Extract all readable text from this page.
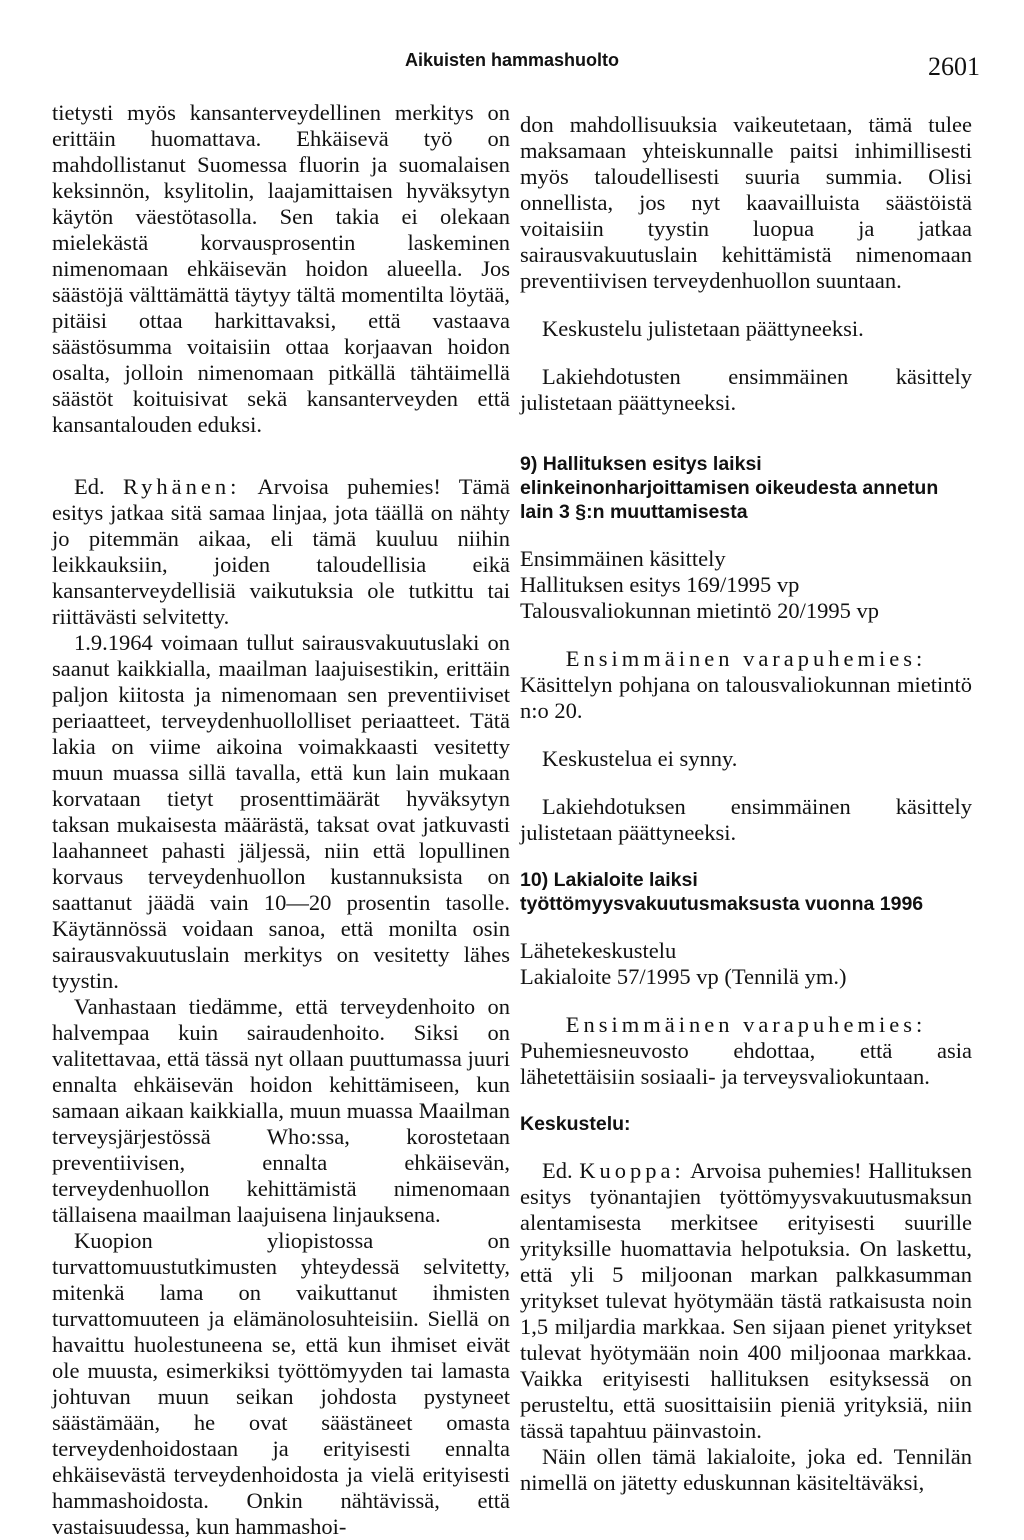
Aikuisten hammashuolto	2601

tietysti myös kansanterveydellinen merkitys on erittäin huomattava. Ehkäisevä työ on mahdollistanut Suomessa fluorin ja suomalaisen keksinnön, ksylitolin, laajamittaisen hyväksytyn käytön väestötasolla. Sen takia ei olekaan mielekästä korvausprosentin laskeminen nimenomaan ehkäisevän hoidon alueella. Jos säästöjä välttämättä täytyy tältä momentilta löytää, pitäisi ottaa harkittavaksi, että vastaava säästösumma voitaisiin ottaa korjaavan hoidon osalta, jolloin nimenomaan pitkällä tähtäimellä säästöt koituisivat sekä kansanterveyden että kansantalouden eduksi.

Ed. Ryhänen: Arvoisa puhemies! Tämä esitys jatkaa sitä samaa linjaa, jota täällä on nähty jo pitemmän aikaa, eli tämä kuuluu niihin leikkauksiin, joiden taloudellisia eikä kansanterveydellisiä vaikutuksia ole tutkittu tai riittävästi selvitetty.

1.9.1964 voimaan tullut sairausvakuutuslaki on saanut kaikkialla, maailman laajuisestikin, erittäin paljon kiitosta ja nimenomaan sen preventiiviset periaatteet, terveydenhuollolliset periaatteet. Tätä lakia on viime aikoina voimakkaasti vesitetty muun muassa sillä tavalla, että kun lain mukaan korvataan tietyt prosenttimäärät hyväksytyn taksan mukaisesta määrästä, taksat ovat jatkuvasti laahanneet pahasti jäljessä, niin että lopullinen korvaus terveydenhuollon kustannuksista on saattanut jäädä vain 10—20 prosentin tasolle. Käytännössä voidaan sanoa, että monilta osin sairausvakuutuslain merkitys on vesitetty lähes tyystin.

Vanhastaan tiedämme, että terveydenhoito on halvempaa kuin sairaudenhoito. Siksi on valitettavaa, että tässä nyt ollaan puuttumassa juuri ennalta ehkäisevän hoidon kehittämiseen, kun samaan aikaan kaikkialla, muun muassa Maailman terveysjärjestössä Who:ssa, korostetaan preventiivisen, ennalta ehkäisevän, terveydenhuollon kehittämistä nimenomaan tällaisena maailman laajuisena linjauksena.

Kuopion yliopistossa on turvattomuustutkimusten yhteydessä selvitetty, mitenkä lama on vaikuttanut ihmisten turvattomuuteen ja elämänolosuhteisiin. Siellä on havaittu huolestuneena se, että kun ihmiset eivät ole muusta, esimerkiksi työttömyyden tai lamasta johtuvan muun seikan johdosta pystyneet säästämään, he ovat säästäneet omasta terveydenhoidostaan ja erityisesti ennalta ehkäisevästä terveydenhoidosta ja vielä erityisesti hammashoidosta. Onkin nähtävissä, että vastaisuudessa, kun hammashoi-

don mahdollisuuksia vaikeutetaan, tämä tulee maksamaan yhteiskunnalle paitsi inhimillisesti myös taloudellisesti suuria summia. Olisi onnellista, jos nyt kaavailluista säästöistä voitaisiin tyystin luopua ja jatkaa sairausvakuutuslain kehittämistä nimenomaan preventiivisen terveydenhuollon suuntaan.

Keskustelu julistetaan päättyneeksi.

Lakiehdotusten ensimmäinen käsittely julistetaan päättyneeksi.

9) Hallituksen esitys laiksi elinkeinonharjoittamisen oikeudesta annetun lain 3 §:n muuttamisesta

Ensimmäinen käsittely

Hallituksen esitys 169/1995 vp

Talousvaliokunnan mietintö 20/1995 vp

Ensimmäinen varapuhemies:

Käsittelyn pohjana on talousvaliokunnan mietintö n:o 20.

Keskustelua ei synny.

Lakiehdotuksen ensimmäinen käsittely julistetaan päättyneeksi.

10) Lakialoite laiksi työttömyysvakuutusmaksusta vuonna 1996

Lähetekeskustelu

Lakialoite 57/1995 vp (Tennilä ym.)

Ensimmäinen varapuhemies:

Puhemiesneuvosto ehdottaa, että asia lähetettäisiin sosiaali- ja terveysvaliokuntaan.

Keskustelu:

Ed. Kuoppa: Arvoisa puhemies! Hallituksen esitys työnantajien työttömyysvakuutusmaksun alentamisesta merkitsee erityisesti suurille yrityksille huomattavia helpotuksia. On laskettu, että yli 5 miljoonan markan palkkasumman yritykset tulevat hyötymään tästä ratkaisusta noin 1,5 miljardia markkaa. Sen sijaan pienet yritykset tulevat hyötymään noin 400 miljoonaa markkaa. Vaikka erityisesti hallituksen esityksessä on perusteltu, että suosittaisiin pieniä yrityksiä, niin tässä tapahtuu päinvastoin.

Näin ollen tämä lakialoite, joka ed. Tennilän nimellä on jätetty eduskunnan käsiteltäväksi,
